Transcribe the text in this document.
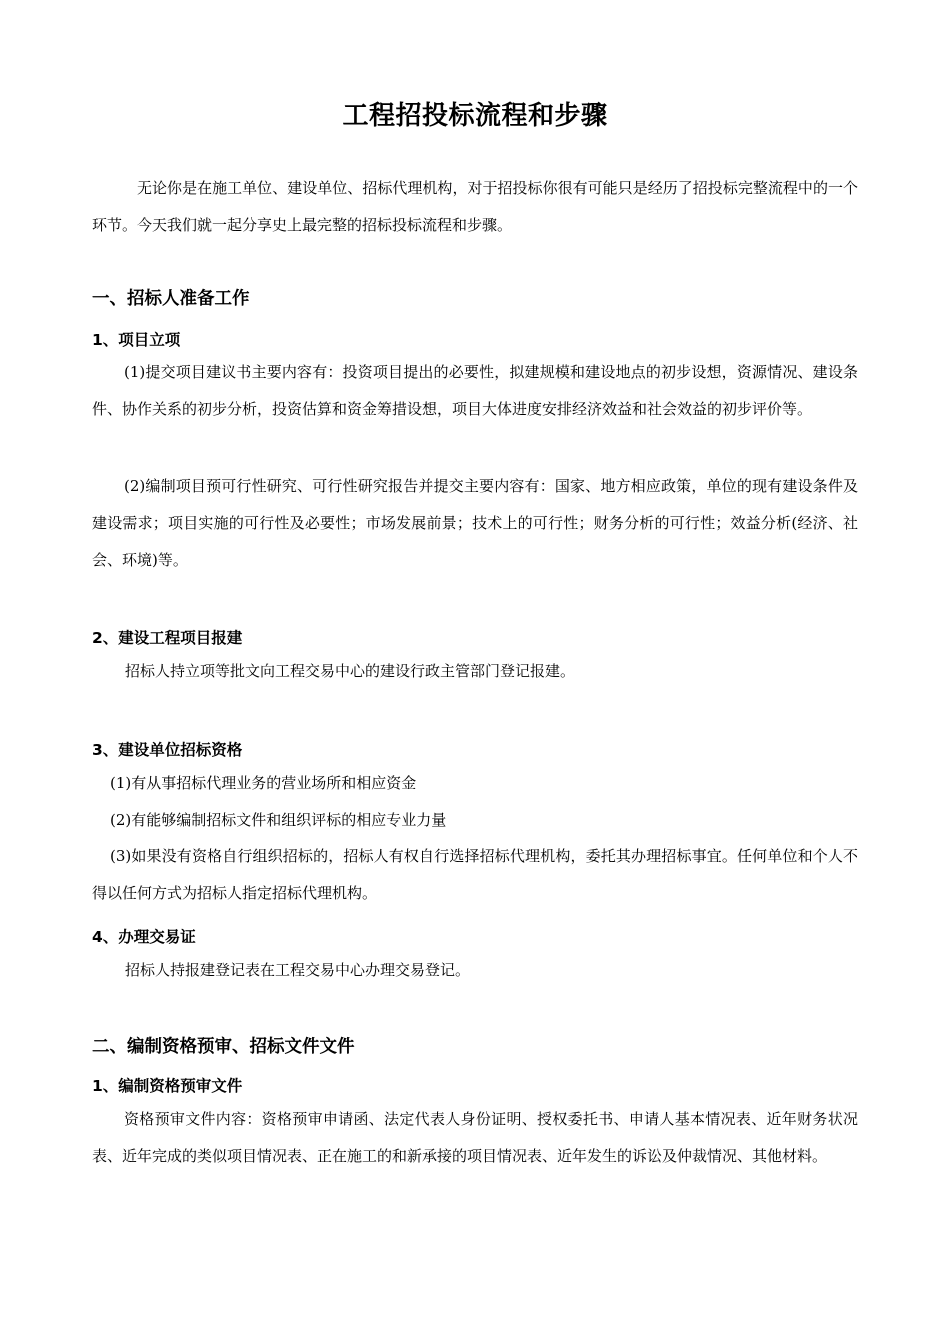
工程招投标流程和步骤

无论你是在施工单位、建设单位、招标代理机构，对于招投标你很有可能只是经历了招投标完整流程中的一个环节。今天我们就一起分享史上最完整的招标投标流程和步骤。

一、招标人准备工作
1、项目立项

(1)提交项目建议书主要内容有：投资项目提出的必要性，拟建规模和建设地点的初步设想，资源情况、建设条件、协作关系的初步分析，投资估算和资金筹措设想，项目大体进度安排经济效益和社会效益的初步评价等。

(2)编制项目预可行性研究、可行性研究报告并提交主要内容有：国家、地方相应政策，单位的现有建设条件及建设需求；项目实施的可行性及必要性；市场发展前景；技术上的可行性；财务分析的可行性；效益分析(经济、社会、环境)等。

2、建设工程项目报建
招标人持立项等批文向工程交易中心的建设行政主管部门登记报建。
3、建设单位招标资格
(1)有从事招标代理业务的营业场所和相应资金
(2)有能够编制招标文件和组织评标的相应专业力量

(3)如果没有资格自行组织招标的，招标人有权自行选择招标代理机构，委托其办理招标事宜。任何单位和个人不得以任何方式为招标人指定招标代理机构。

4、办理交易证
招标人持报建登记表在工程交易中心办理交易登记。
二、编制资格预审、招标文件文件
1、编制资格预审文件

资格预审文件内容：资格预审申请函、法定代表人身份证明、授权委托书、申请人基本情况表、近年财务状况表、近年完成的类似项目情况表、正在施工的和新承接的项目情况表、近年发生的诉讼及仲裁情况、其他材料。
